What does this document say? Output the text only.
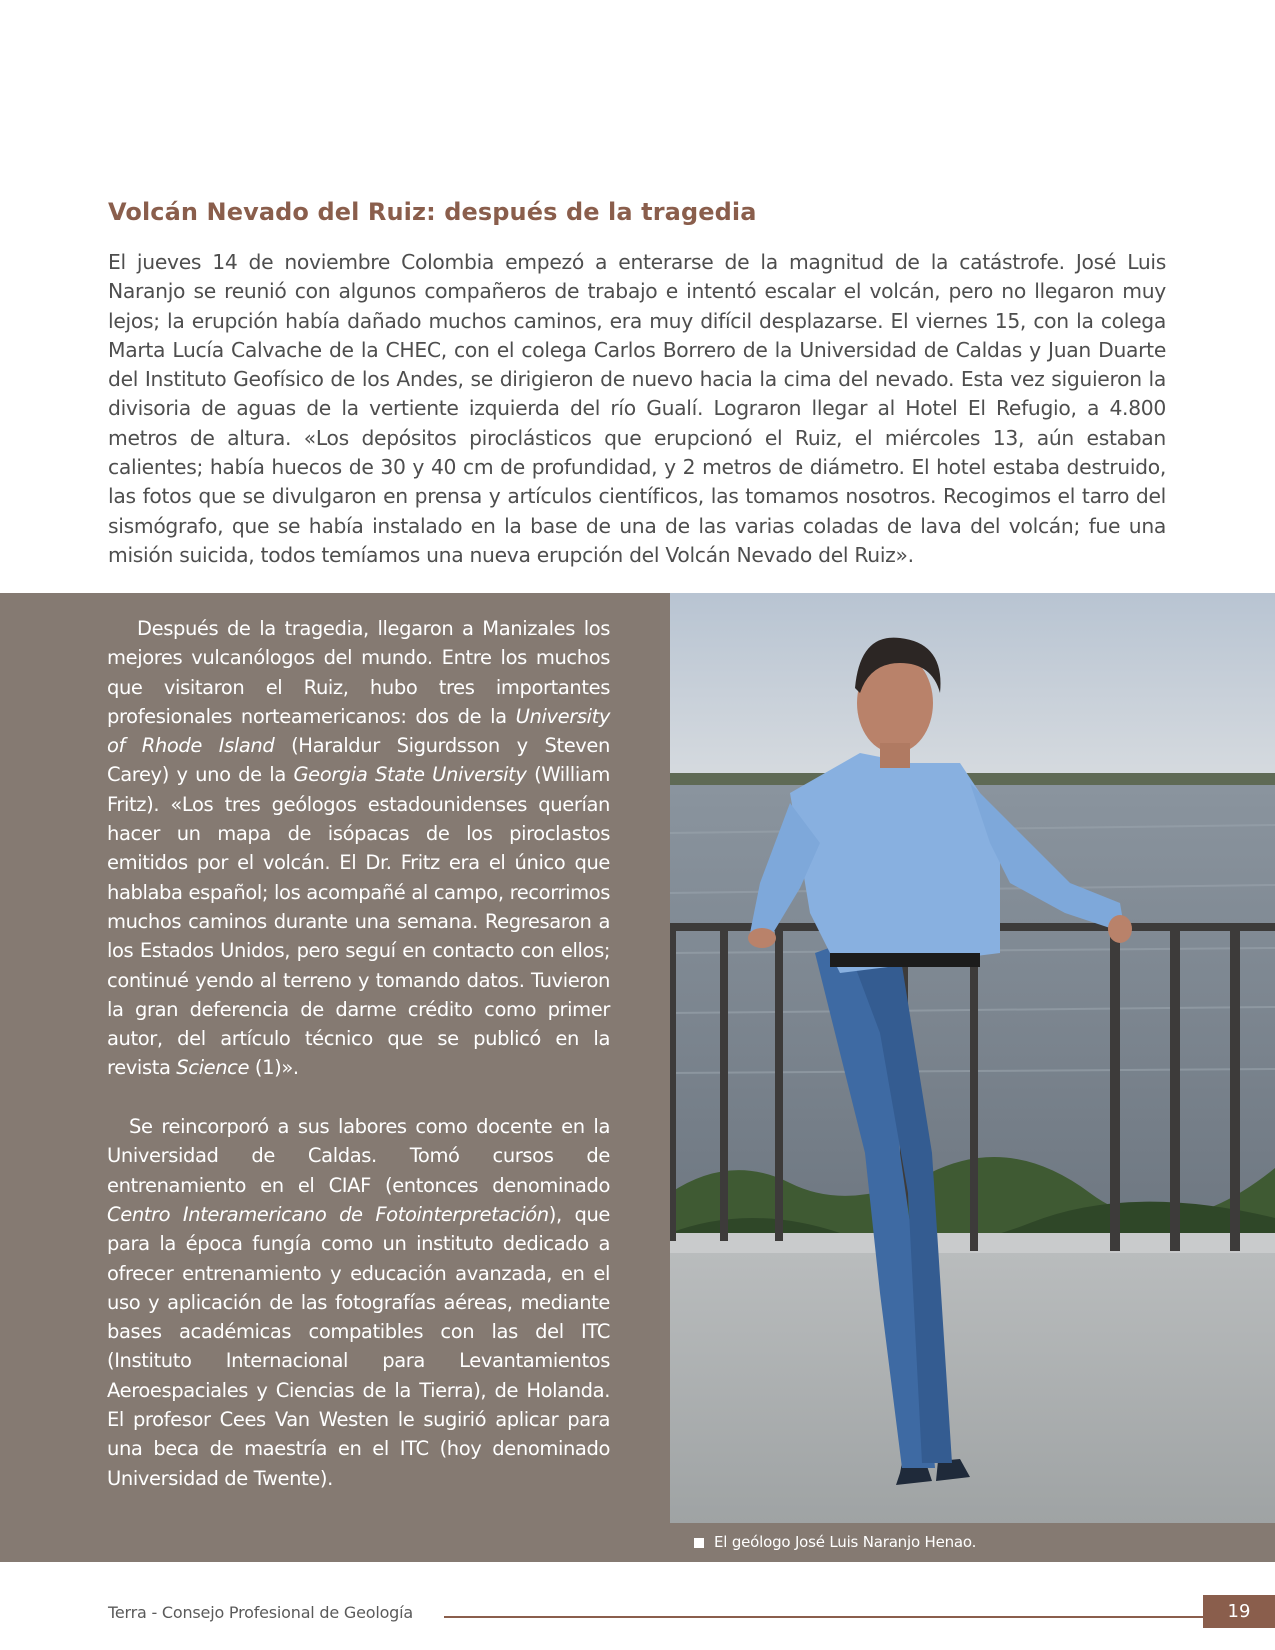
Volcán Nevado del Ruiz: después de la tragedia

El jueves 14 de noviembre Colombia empezó a enterarse de la magnitud de la catástrofe. José Luis Naranjo se reunió con algunos compañeros de trabajo e intentó escalar el volcán, pero no llegaron muy lejos; la erupción había dañado muchos caminos, era muy difícil desplazarse. El viernes 15, con la colega Marta Lucía Calvache de la CHEC, con el colega Carlos Borrero de la Universidad de Caldas y Juan Duarte del Instituto Geofísico de los Andes, se dirigieron de nuevo hacia la cima del nevado. Esta vez siguieron la divisoria de aguas de la vertiente izquierda del río Gualí. Lograron llegar al Hotel El Refugio, a 4.800 metros de altura. «Los depósitos piroclásticos que erupcionó el Ruiz, el miércoles 13, aún estaban calientes; había huecos de 30 y 40 cm de profundidad, y 2 metros de diámetro. El hotel estaba destruido, las fotos que se divulgaron en prensa y artículos científicos, las tomamos nosotros. Recogimos el tarro del sismógrafo, que se había instalado en la base de una de las varias coladas de lava del volcán; fue una misión suicida, todos temíamos una nueva erupción del Volcán Nevado del Ruiz».

Después de la tragedia, llegaron a Manizales los mejores vulcanólogos del mundo. Entre los muchos que visitaron el Ruiz, hubo tres importantes profesionales norteamericanos: dos de la University of Rhode Island (Haraldur Sigurdsson y Steven Carey) y uno de la Georgia State University (William Fritz). «Los tres geólogos estadounidenses querían hacer un mapa de isópacas de los piroclastos emitidos por el volcán. El Dr. Fritz era el único que hablaba español; los acompañé al campo, recorrimos muchos caminos durante una semana. Regresaron a los Estados Unidos, pero seguí en contacto con ellos; continué yendo al terreno y tomando datos. Tuvieron la gran deferencia de darme crédito como primer autor, del artículo técnico que se publicó en la revista Science (1)».

Se reincorporó a sus labores como docente en la Universidad de Caldas. Tomó cursos de entrenamiento en el CIAF (entonces denominado Centro Interamericano de Fotointerpretación), que para la época fungía como un instituto dedicado a ofrecer entrenamiento y educación avanzada, en el uso y aplicación de las fotografías aéreas, mediante bases académicas compatibles con las del ITC (Instituto Internacional para Levantamientos Aeroespaciales y Ciencias de la Tierra), de Holanda. El profesor Cees Van Westen le sugirió aplicar para una beca de maestría en el ITC (hoy denominado Universidad de Twente).

El geólogo José Luis Naranjo Henao.
Terra - Consejo Profesional de Geología	19
